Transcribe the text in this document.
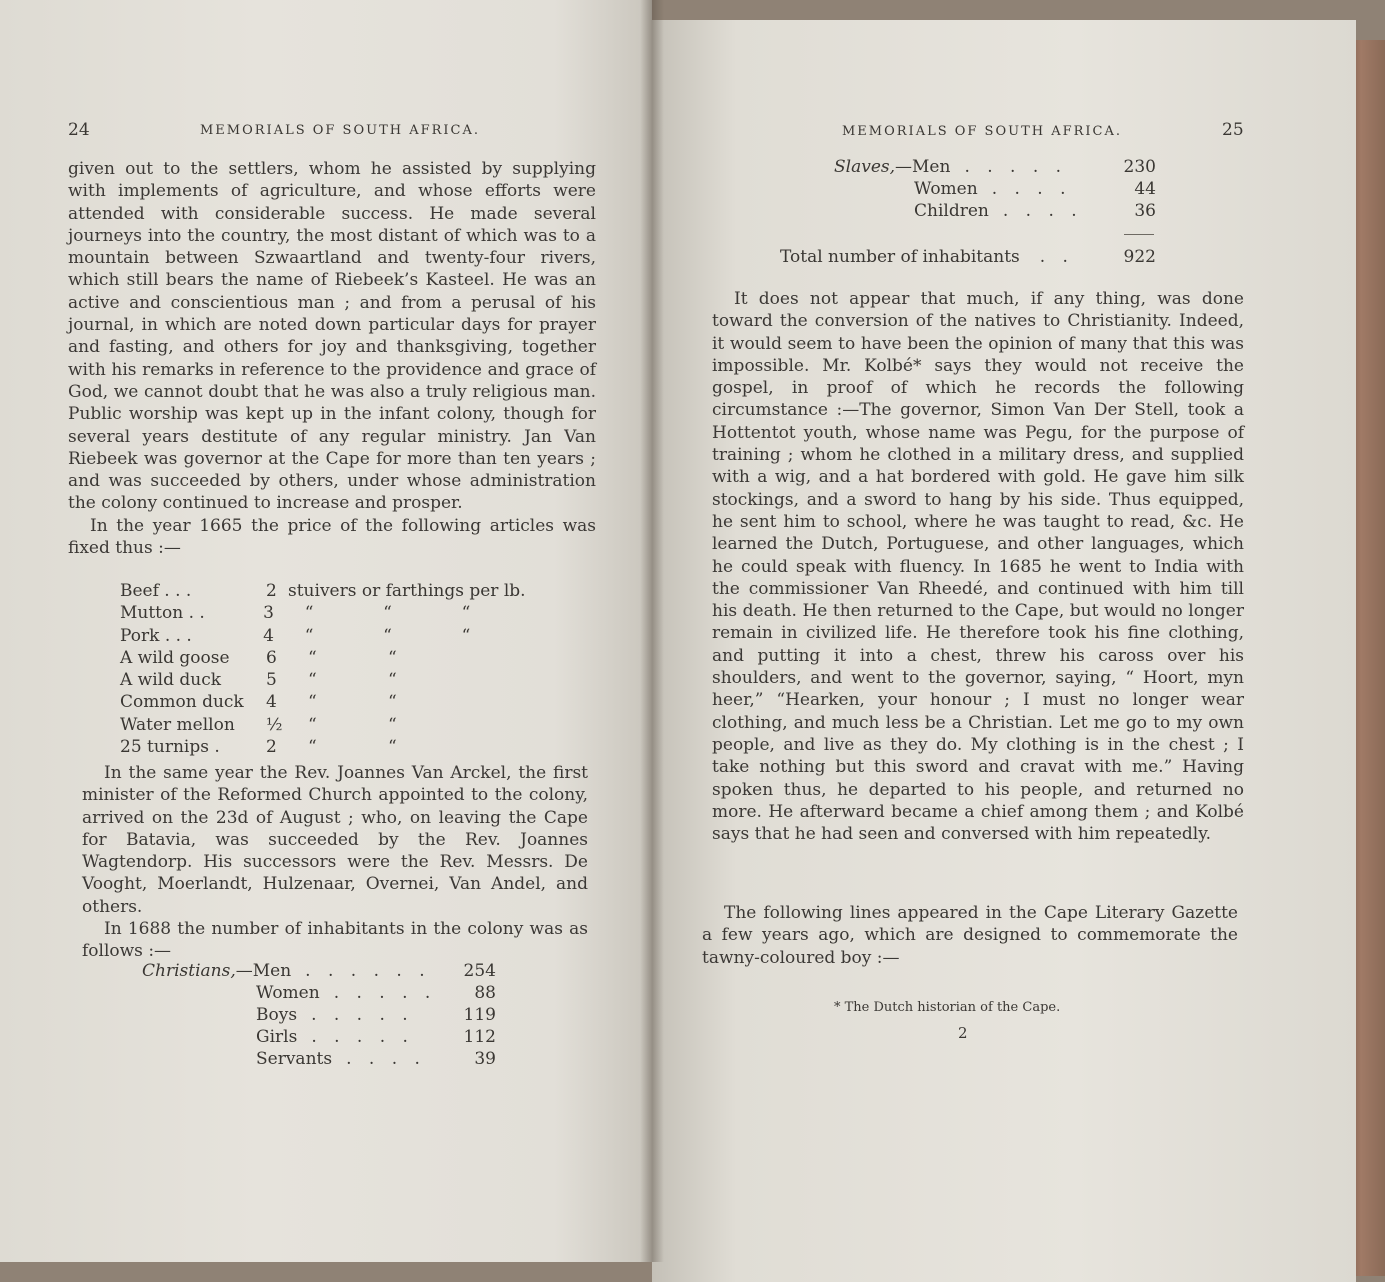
24	MEMORIALS OF SOUTH AFRICA.

given out to the settlers, whom he assisted by supplying with implements of agriculture, and whose efforts were attended with considerable success. He made several journeys into the country, the most distant of which was to a mountain between Szwaartland and twenty-four rivers, which still bears the name of Riebeek’s Kasteel. He was an active and conscientious man ; and from a perusal of his journal, in which are noted down particular days for prayer and fasting, and others for joy and thanksgiving, together with his remarks in reference to the providence and grace of God, we cannot doubt that he was also a truly religious man. Public worship was kept up in the infant colony, though for several years destitute of any regular ministry. Jan Van Riebeek was governor at the Cape for more than ten years ; and was succeeded by others, under whose administration the colony continued to increase and prosper.

In the year 1665 the price of the following articles was fixed thus :—

Beef . . .	2 stuivers or farthings per lb.
Mutton . .	3	“	“	“
Pork . . .	4	“	“	“
A wild goose	6	“	“
A wild duck	5	“	“
Common duck	4	“	“
Water mellon	½	“	“
25 turnips .	2	“	“

In the same year the Rev. Joannes Van Arckel, the first minister of the Reformed Church appointed to the colony, arrived on the 23d of August ; who, on leaving the Cape for Batavia, was succeeded by the Rev. Joannes Wagtendorp. His successors were the Rev. Messrs. De Vooght, Moerlandt, Hulzenaar, Overnei, Van Andel, and others.

In 1688 the number of inhabitants in the colony was as follows :—

Christians, —Men . . . . . . 254
Women . . . . . 88
Boys . . . . .	119
Girls . . . . .	112
Servants . . . .	39
MEMORIALS OF SOUTH AFRICA.	25
Slaves, —Men . . . . .	230
Women . . . .	44
Children . . . .	36
Total number of inhabitants . .	922

It does not appear that much, if any thing, was done toward the conversion of the natives to Christianity. Indeed, it would seem to have been the opinion of many that this was impossible. Mr. Kolbé* says they would not receive the gospel, in proof of which he records the following circumstance :—The governor, Simon Van Der Stell, took a Hottentot youth, whose name was Pegu, for the purpose of training ; whom he clothed in a military dress, and supplied with a wig, and a hat bordered with gold. He gave him silk stockings, and a sword to hang by his side. Thus equipped, he sent him to school, where he was taught to read, &c. He learned the Dutch, Portuguese, and other languages, which he could speak with fluency. In 1685 he went to India with the commissioner Van Rheedé, and continued with him till his death. He then returned to the Cape, but would no longer remain in civilized life. He therefore took his fine clothing, and putting it into a chest, threw his caross over his shoulders, and went to the governor, saying, “ Hoort, myn heer,” “Hearken, your honour ; I must no longer wear clothing, and much less be a Christian. Let me go to my own people, and live as they do. My clothing is in the chest ; I take nothing but this sword and cravat with me.” Having spoken thus, he departed to his people, and returned no more. He afterward became a chief among them ; and Kolbé says that he had seen and conversed with him repeatedly.

The following lines appeared in the Cape Literary Gazette a few years ago, which are designed to commemorate the tawny-coloured boy :—

* The Dutch historian of the Cape.
2
